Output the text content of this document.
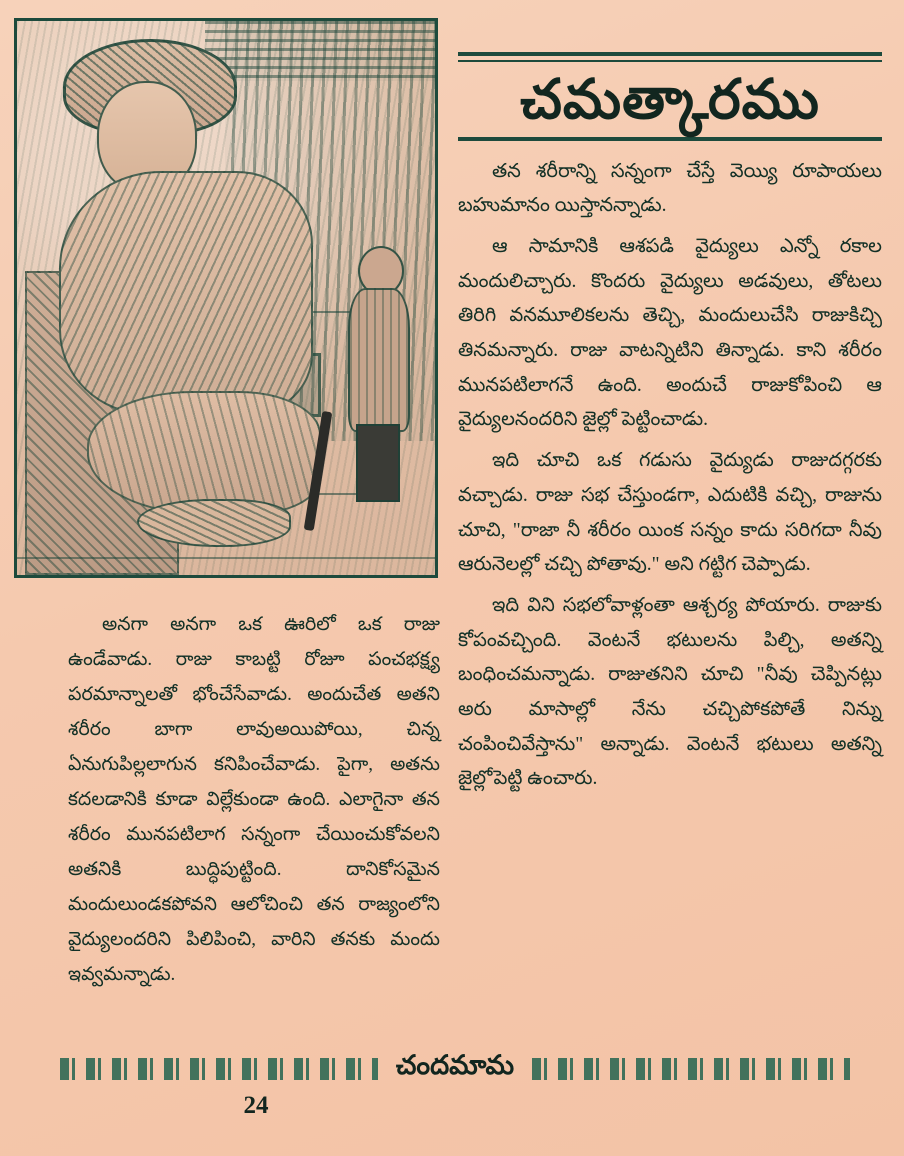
చమత్కారము

తన శరీరాన్ని సన్నంగా చేస్తే వెయ్యి రూపాయలు బహుమానం యిస్తానన్నాడు.

ఆ సామానికి ఆశపడి వైద్యులు ఎన్నో రకాల మందులిచ్చారు. కొందరు వైద్యులు అడవులు, తోటలు తిరిగి వనమూలికలను తెచ్చి, మందులుచేసి రాజుకిచ్చి తినమన్నారు. రాజు వాటన్నిటిని తిన్నాడు. కాని శరీరం మునపటిలాగనే ఉంది. అందుచే రాజుకోపించి ఆ వైద్యులనందరిని జైల్లో పెట్టించాడు.

ఇది చూచి ఒక గడుసు వైద్యుడు రాజుదగ్గరకు వచ్చాడు. రాజు సభ చేస్తుండగా, ఎదుటికి వచ్చి, రాజును చూచి, "రాజా నీ శరీరం యింక సన్నం కాదు సరిగదా నీవు ఆరునెలల్లో చచ్చి పోతావు." అని గట్టిగ చెప్పాడు.

ఇది విని సభలోవాళ్లంతా ఆశ్చర్య పోయారు. రాజుకు కోపంవచ్చింది. వెంటనే భటులను పిల్చి, అతన్ని బంధించమన్నాడు. రాజుతనిని చూచి "నీవు చెప్పినట్లు అరు మాసాల్లో నేను చచ్చిపోకపోతే నిన్ను చంపించివేస్తాను" అన్నాడు. వెంటనే భటులు అతన్ని జైల్లోపెట్టి ఉంచారు.

అనగా అనగా ఒక ఊరిలో ఒక రాజు ఉండేవాడు. రాజు కాబట్టి రోజూ పంచభక్ష్య పరమాన్నాలతో భోంచేసేవాడు. అందుచేత అతని శరీరం బాగా లావుఅయిపోయి, చిన్న ఏనుగుపిల్లలాగున కనిపించేవాడు. పైగా, అతను కదలడానికి కూడా విల్లేకుండా ఉంది. ఎలాగైనా తన శరీరం మునపటిలాగ సన్నంగా చేయించుకోవలని అతనికి బుద్ధిపుట్టింది. దానికోసమైన మందులుండకపోవని ఆలోచించి తన రాజ్యంలోని వైద్యులందరిని పిలిపించి, వారిని తనకు మందు ఇవ్వమన్నాడు.

చందమామ
24
